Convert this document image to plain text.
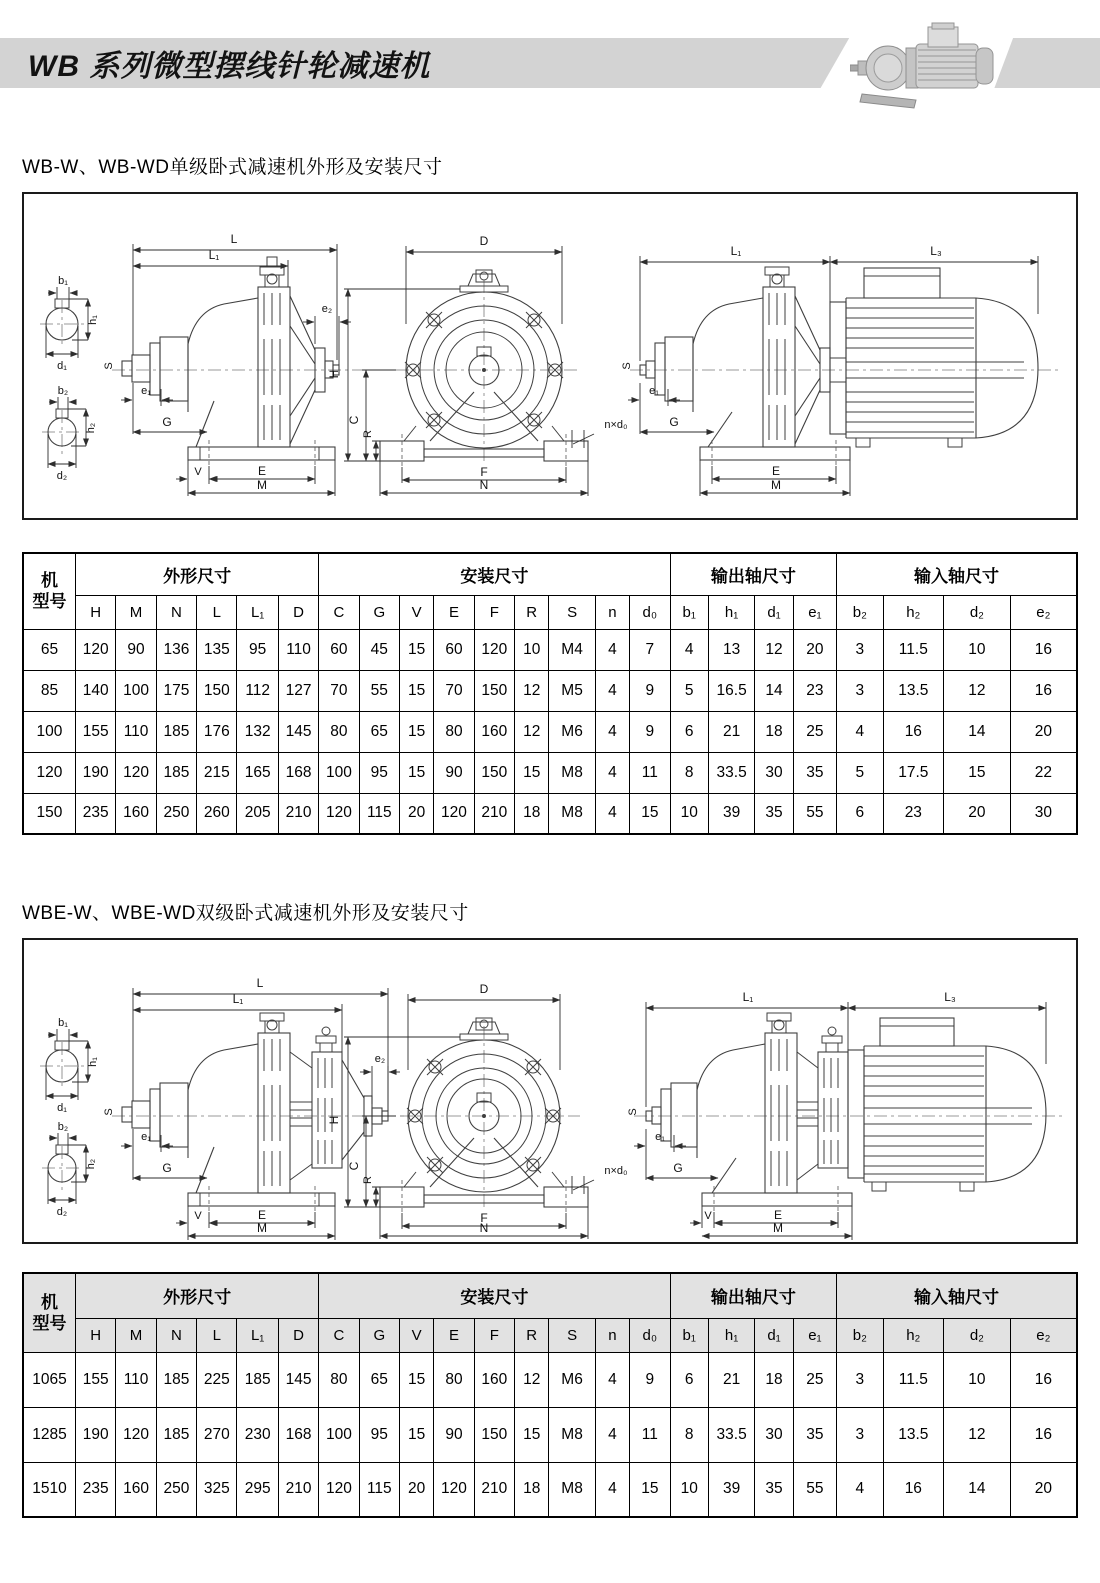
WB 系列微型摆线针轮减速机
WB-W、WB-WD单级卧式减速机外形及安装尺寸
b₁
h₁
d₁
b₂
h₂
d₂
L
L₁
S
e₁
G
e₂
V	E
M
D
H
C
R
F
N
n×d₀
L₁	L₃
S
e₁
G
E
M
机
型号	外形尺寸						安装尺寸									输出轴尺寸				输入轴尺寸			
	H	M	N	L	L₁	D	C	G	V	E	F	R	S	n	d₀	b₁	h₁	d₁	e₁	b₂	h₂	d₂	e₂
65	120	90	136	135	95	110	60	45	15	60	120	10	M4	4	7	4	13	12	20	3	11.5	10	16
85	140	100	175	150	112	127	70	55	15	70	150	12	M5	4	9	5	16.5	14	23	3	13.5	12	16
100	155	110	185	176	132	145	80	65	15	80	160	12	M6	4	9	6	21	18	25	4	16	14	20
120	190	120	185	215	165	168	100	95	15	90	150	15	M8	4	11	8	33.5	30	35	5	17.5	15	22
150	235	160	250	260	205	210	120	115	20	120	210	18	M8	4	15	10	39	35	55	6	23	20	30
WBE-W、WBE-WD双级卧式减速机外形及安装尺寸
b₁
h₁
d₁
b₂
h₂
d₂
L
L₁
S
e₁
G
e₂
V	E
M
D
H
C
R
F
N
n×d₀
L₁	L₃
S
e₁
G
V	E
M
机
型号	外形尺寸						安装尺寸									输出轴尺寸				输入轴尺寸			
	H	M	N	L	L₁	D	C	G	V	E	F	R	S	n	d₀	b₁	h₁	d₁	e₁	b₂	h₂	d₂	e₂
1065	155	110	185	225	185	145	80	65	15	80	160	12	M6	4	9	6	21	18	25	3	11.5	10	16
1285	190	120	185	270	230	168	100	95	15	90	150	15	M8	4	11	8	33.5	30	35	3	13.5	12	16
1510	235	160	250	325	295	210	120	115	20	120	210	18	M8	4	15	10	39	35	55	4	16	14	20
